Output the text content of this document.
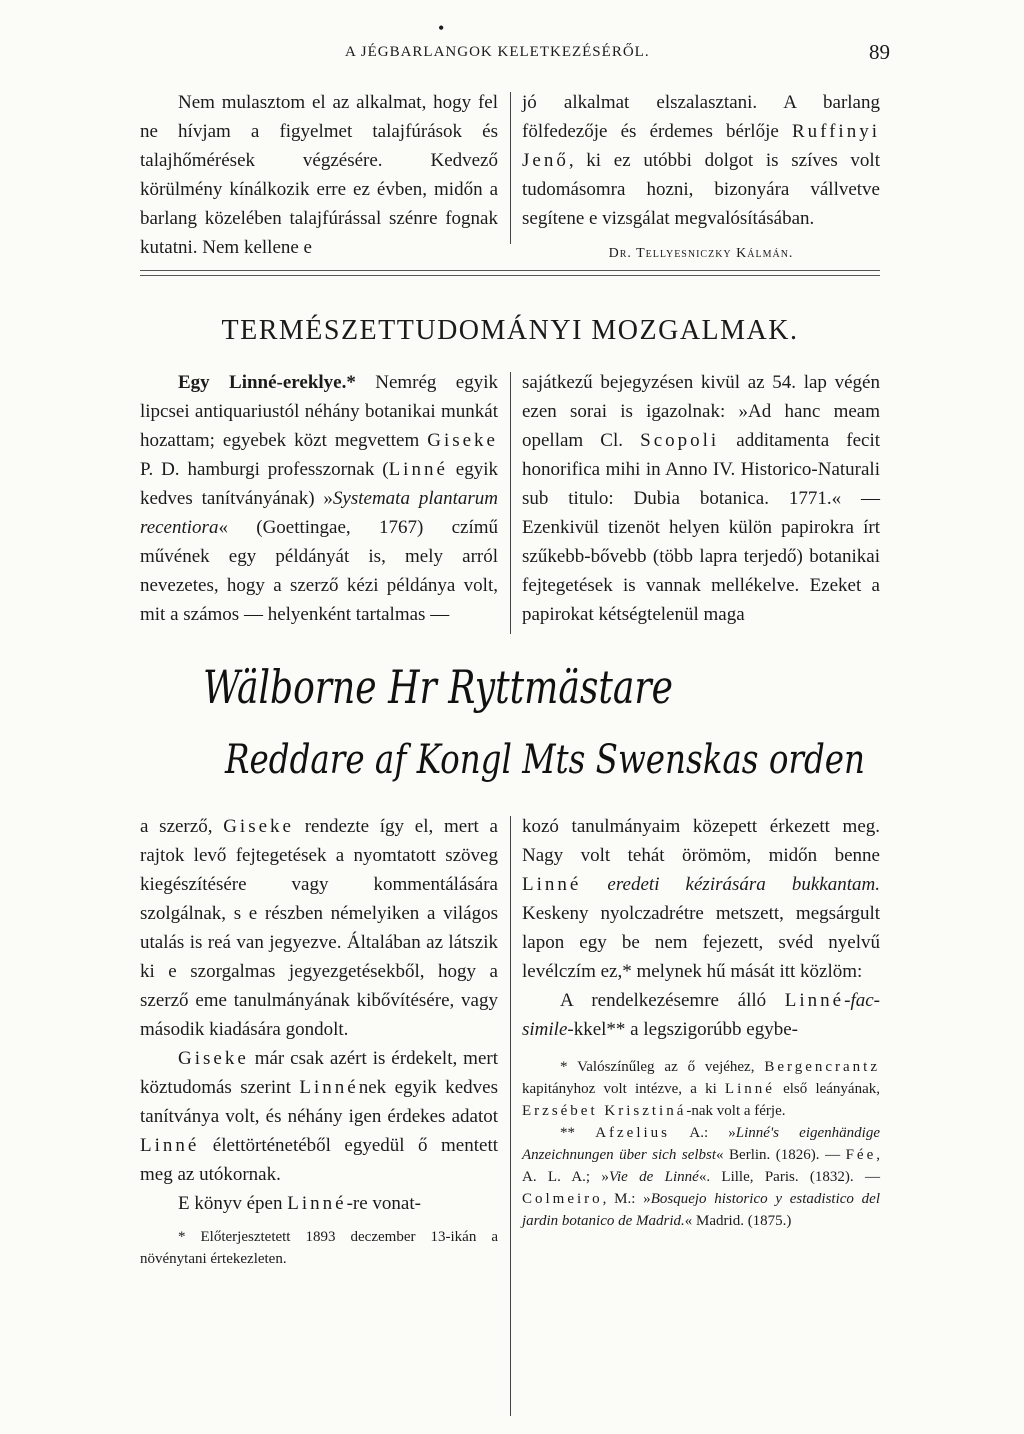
•
A JÉGBARLANGOK KELETKEZÉSÉRŐL.	89

Nem mulasztom el az alkalmat, hogy fel ne hívjam a figyelmet talajfúrások és talajhőmérések végzésére. Kedvező körülmény kínálkozik erre ez évben, midőn a barlang közelében talajfúrással szénre fognak kutatni. Nem kellene e

jó alkalmat elszalasztani. A barlang fölfedezője és érdemes bérlője Ruffinyi Jenő, ki ez utóbbi dolgot is szíves volt tudomásomra hozni, bizonyára vállvetve segítene e vizsgálat megvalósításában.

Dr. Tellyesniczky Kálmán.

TERMÉSZETTUDOMÁNYI MOZGALMAK.

Egy Linné-ereklye.* Nemrég egyik lipcsei antiquariustól néhány botanikai munkát hozattam; egyebek közt megvettem Giseke P. D. hamburgi professzornak (Linné egyik kedves tanítványának) »Systemata plantarum recentiora« (Goettingae, 1767) czímű művének egy példányát is, mely arról nevezetes, hogy a szerző kézi példánya volt, mit a számos — helyenként tartalmas —

sajátkezű bejegyzésen kivül az 54. lap végén ezen sorai is igazolnak: »Ad hanc meam opellam Cl. Scopoli additamenta fecit honorifica mihi in Anno IV. Historico-Naturali sub titulo: Dubia botanica. 1771.« — Ezenkivül tizenöt helyen külön papirokra írt szűkebb-bővebb (több lapra terjedő) botanikai fejtegetések is vannak mellékelve. Ezeket a papirokat kétségtelenül maga

Wälborne Hr Ryttmästare
Reddare af Kongl Mts Swenskas orden

a szerző, Giseke rendezte így el, mert a rajtok levő fejtegetések a nyomtatott szöveg kiegészítésére vagy kommentálására szolgálnak, s e részben némelyiken a világos utalás is reá van jegyezve. Általában az látszik ki e szorgalmas jegyezgetésekből, hogy a szerző eme tanulmányának kibővítésére, vagy második kiadására gondolt.

Giseke már csak azért is érdekelt, mert köztudomás szerint Linnének egyik kedves tanítványa volt, és néhány igen érdekes adatot Linné élettörténetéből egyedül ő mentett meg az utókornak.

E könyv épen Linné-re vonat-

* Előterjesztetett 1893 deczember 13-ikán a növénytani értekezleten.

kozó tanulmányaim közepett érkezett meg. Nagy volt tehát örömöm, midőn benne Linné eredeti kézirására bukkantam. Keskeny nyolczadrétre metszett, megsárgult lapon egy be nem fejezett, svéd nyelvű levélczím ez,* melynek hű mását itt közlöm:

A rendelkezésemre álló Linné-fac-simile-kkel** a legszigorúbb egybe-

* Valószínűleg az ő vejéhez, Bergencrantz kapitányhoz volt intézve, a ki Linné első leányának, Erzsébet Krisztiná-nak volt a férje.

** Afzelius A.: »Linné's eigenhändige Anzeichnungen über sich selbst« Berlin. (1826). — Fée, A. L. A.; »Vie de Linné«. Lille, Paris. (1832). — Colmeiro, M.: »Bosquejo historico y estadistico del jardin botanico de Madrid.« Madrid. (1875.)
